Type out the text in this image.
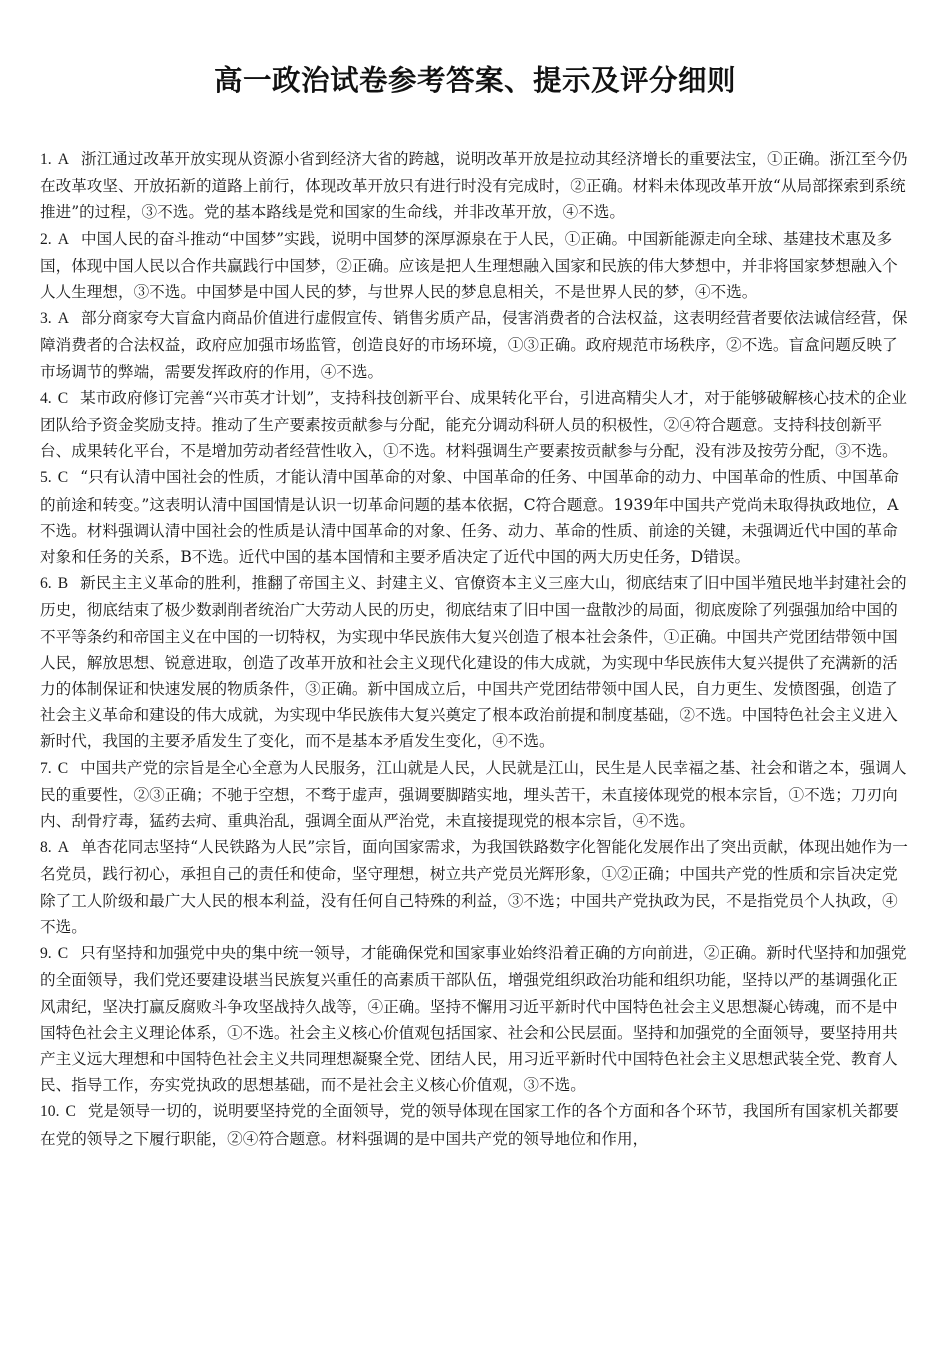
高一政治试卷参考答案、提示及评分细则

1. A 浙江通过改革开放实现从资源小省到经济大省的跨越，说明改革开放是拉动其经济增长的重要法宝，①正确。浙江至今仍在改革攻坚、开放拓新的道路上前行，体现改革开放只有进行时没有完成时，②正确。材料未体现改革开放“从局部探索到系统推进”的过程，③不选。党的基本路线是党和国家的生命线，并非改革开放，④不选。

2. A 中国人民的奋斗推动“中国梦”实践，说明中国梦的深厚源泉在于人民，①正确。中国新能源走向全球、基建技术惠及多国，体现中国人民以合作共赢践行中国梦，②正确。应该是把人生理想融入国家和民族的伟大梦想中，并非将国家梦想融入个人人生理想，③不选。中国梦是中国人民的梦，与世界人民的梦息息相关，不是世界人民的梦，④不选。

3. A 部分商家夸大盲盒内商品价值进行虚假宣传、销售劣质产品，侵害消费者的合法权益，这表明经营者要依法诚信经营，保障消费者的合法权益，政府应加强市场监管，创造良好的市场环境，①③正确。政府规范市场秩序，②不选。盲盒问题反映了市场调节的弊端，需要发挥政府的作用，④不选。

4. C 某市政府修订完善“兴市英才计划”，支持科技创新平台、成果转化平台，引进高精尖人才，对于能够破解核心技术的企业团队给予资金奖励支持。推动了生产要素按贡献参与分配，能充分调动科研人员的积极性，②④符合题意。支持科技创新平台、成果转化平台，不是增加劳动者经营性收入，①不选。材料强调生产要素按贡献参与分配，没有涉及按劳分配，③不选。

5. C “只有认清中国社会的性质，才能认清中国革命的对象、中国革命的任务、中国革命的动力、中国革命的性质、中国革命的前途和转变。”这表明认清中国国情是认识一切革命问题的基本依据，C符合题意。1939年中国共产党尚未取得执政地位，A不选。材料强调认清中国社会的性质是认清中国革命的对象、任务、动力、革命的性质、前途的关键，未强调近代中国的革命对象和任务的关系，B不选。近代中国的基本国情和主要矛盾决定了近代中国的两大历史任务，D错误。

6. B 新民主主义革命的胜利，推翻了帝国主义、封建主义、官僚资本主义三座大山，彻底结束了旧中国半殖民地半封建社会的历史，彻底结束了极少数剥削者统治广大劳动人民的历史，彻底结束了旧中国一盘散沙的局面，彻底废除了列强强加给中国的不平等条约和帝国主义在中国的一切特权，为实现中华民族伟大复兴创造了根本社会条件，①正确。中国共产党团结带领中国人民，解放思想、锐意进取，创造了改革开放和社会主义现代化建设的伟大成就，为实现中华民族伟大复兴提供了充满新的活力的体制保证和快速发展的物质条件，③正确。新中国成立后，中国共产党团结带领中国人民，自力更生、发愤图强，创造了社会主义革命和建设的伟大成就，为实现中华民族伟大复兴奠定了根本政治前提和制度基础，②不选。中国特色社会主义进入新时代，我国的主要矛盾发生了变化，而不是基本矛盾发生变化，④不选。

7. C 中国共产党的宗旨是全心全意为人民服务，江山就是人民，人民就是江山，民生是人民幸福之基、社会和谐之本，强调人民的重要性，②③正确；不驰于空想，不骛于虚声，强调要脚踏实地，埋头苦干，未直接体现党的根本宗旨，①不选；刀刃向内、刮骨疗毒，猛药去疴、重典治乱，强调全面从严治党，未直接提现党的根本宗旨，④不选。

8. A 单杏花同志坚持“人民铁路为人民”宗旨，面向国家需求，为我国铁路数字化智能化发展作出了突出贡献，体现出她作为一名党员，践行初心，承担自己的责任和使命，坚守理想，树立共产党员光辉形象，①②正确；中国共产党的性质和宗旨决定党除了工人阶级和最广大人民的根本利益，没有任何自己特殊的利益，③不选；中国共产党执政为民，不是指党员个人执政，④不选。

9. C 只有坚持和加强党中央的集中统一领导，才能确保党和国家事业始终沿着正确的方向前进，②正确。新时代坚持和加强党的全面领导，我们党还要建设堪当民族复兴重任的高素质干部队伍，增强党组织政治功能和组织功能，坚持以严的基调强化正风肃纪，坚决打赢反腐败斗争攻坚战持久战等，④正确。坚持不懈用习近平新时代中国特色社会主义思想凝心铸魂，而不是中国特色社会主义理论体系，①不选。社会主义核心价值观包括国家、社会和公民层面。坚持和加强党的全面领导，要坚持用共产主义远大理想和中国特色社会主义共同理想凝聚全党、团结人民，用习近平新时代中国特色社会主义思想武装全党、教育人民、指导工作，夯实党执政的思想基础，而不是社会主义核心价值观，③不选。

10. C 党是领导一切的，说明要坚持党的全面领导，党的领导体现在国家工作的各个方面和各个环节，我国所有国家机关都要在党的领导之下履行职能，②④符合题意。材料强调的是中国共产党的领导地位和作用，
